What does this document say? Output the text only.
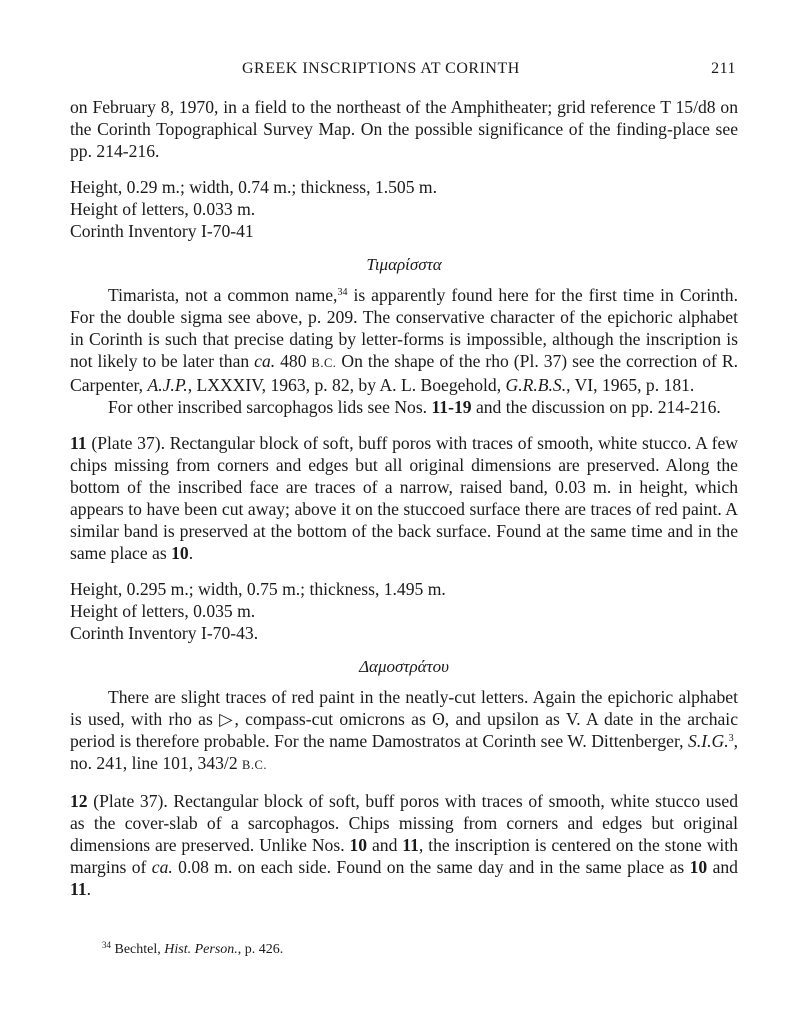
GREEK INSCRIPTIONS AT CORINTH	211

on February 8, 1970, in a field to the northeast of the Amphitheater; grid reference T 15/d8 on the Corinth Topographical Survey Map. On the possible significance of the finding-place see pp. 214-216.

Height, 0.29 m.; width, 0.74 m.; thickness, 1.505 m.
Height of letters, 0.033 m.
Corinth Inventory I-70-41
Τιμαρίσστα

Timarista, not a common name,$^{34}$ is apparently found here for the first time in Corinth. For the double sigma see above, p. 209. The conservative character of the epichoric alphabet in Corinth is such that precise dating by letter-forms is impossible, although the inscription is not likely to be later than ca. 480 B.C. On the shape of the rho (Pl. 37) see the correction of R. Carpenter, A.J.P., LXXXIV, 1963, p. 82, by A. L. Boegehold, G.R.B.S., VI, 1965, p. 181.

For other inscribed sarcophagos lids see Nos. 11-19 and the discussion on pp. 214-216.

11 (Plate 37). Rectangular block of soft, buff poros with traces of smooth, white stucco. A few chips missing from corners and edges but all original dimensions are preserved. Along the bottom of the inscribed face are traces of a narrow, raised band, 0.03 m. in height, which appears to have been cut away; above it on the stuccoed surface there are traces of red paint. A similar band is preserved at the bottom of the back surface. Found at the same time and in the same place as 10.

Height, 0.295 m.; width, 0.75 m.; thickness, 1.495 m.
Height of letters, 0.035 m.
Corinth Inventory I-70-43.
Δαμοστράτου

There are slight traces of red paint in the neatly-cut letters. Again the epichoric alphabet is used, with rho as ▷, compass-cut omicrons as ʘ, and upsilon as V. A date in the archaic period is therefore probable. For the name Damostratos at Corinth see W. Dittenberger, S.I.G.$^3$, no. 241, line 101, 343/2 B.C.

12 (Plate 37). Rectangular block of soft, buff poros with traces of smooth, white stucco used as the cover-slab of a sarcophagos. Chips missing from corners and edges but original dimensions are preserved. Unlike Nos. 10 and 11, the inscription is centered on the stone with margins of ca. 0.08 m. on each side. Found on the same day and in the same place as 10 and 11.

$^{34}$ Bechtel, Hist. Person., p. 426.
